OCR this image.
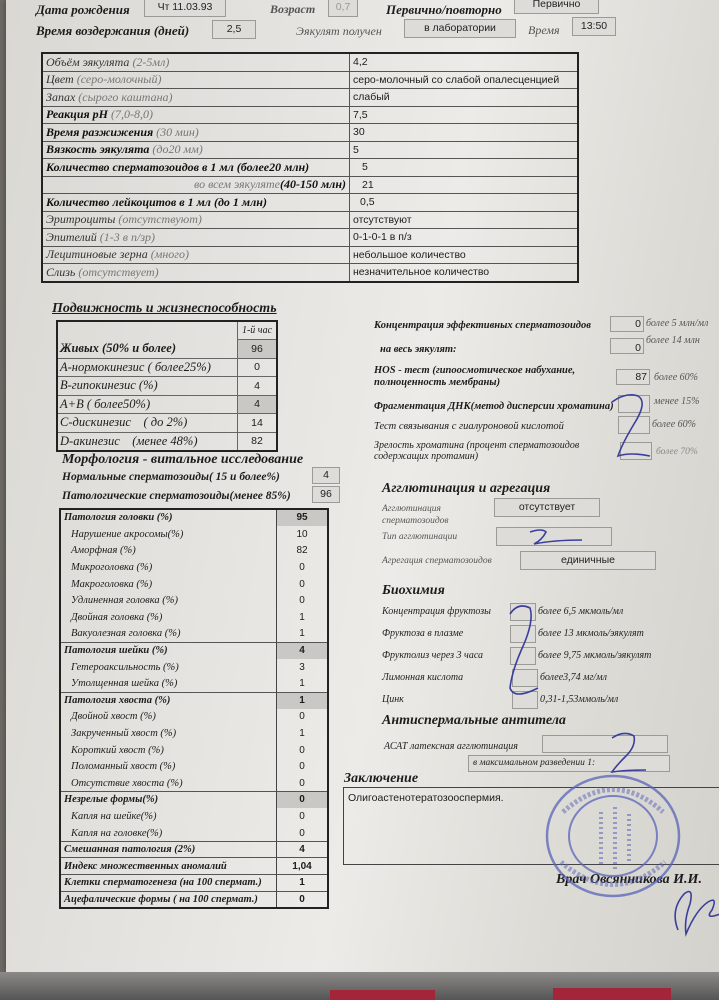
Дата рождения	Чт 11.03.93	Возраст	0,7	Первично/повторно	Первично
Время воздержания (дней)	2,5	Эякулят получен	в лаборатории	Время	13:50
Объём эякулята (2-5мл)	4,2
Цвет (серо-молочный)	серо-молочный со слабой опалесценцией
Запах (сырого каштана)	слабый
Реакция pH (7,0-8,0)	7,5
Время разжижения (30 мин)	30
Вязкость эякулята (до20 мм)	5
Количество сперматозоидов в 1 мл (более20 млн)	5
во всем эякуляте(40-150 млн)	21
Количество лейкоцитов в 1 мл (до 1 млн)	0,5
Эритроциты (отсутствуют)	отсутствуют
Эпителий (1-3 в п/зр)	0-1-0-1 в п/з
Лецитиновые зерна (много)	небольшое количество
Слизь (отсутствует)	незначительное количество
Подвижность и жизнеспособность
	1-й час
Живых (50% и более)	96
A-нормокинезис ( более25%)	0
B-гипокинезис (%)	4
A+B ( более50%)	4
C-дискинезис ( до 2%)	14
D-акинезис (менее 48%)	82
Морфология - витальное исследование
Нормальные сперматозоиды( 15 и более%)	4
Патологические сперматозоиды(менее 85%)	96
Патология головки (%)	95
Нарушение акросомы(%)	10
Аморфная (%)	82
Микроголовка (%)	0
Макроголовка (%)	0
Удлиненная головка (%)	0
Двойная головка (%)	1
Вакуолезная головка (%)	1
Патология шейки (%)	4
Гетероаксильность (%)	3
Утолщенная шейка (%)	1
Патология хвоста (%)	1
Двойной хвост (%)	0
Закрученный хвост (%)	1
Короткий хвост (%)	0
Поломанный хвост (%)	0
Отсутствие хвоста (%)	0
Незрелые формы(%)	0
Капля на шейке(%)	0
Капля на головке(%)	0
Смешанная патология (2%)	4
Индекс множественных аномалий	1,04
Клетки сперматогенеза (на 100 спермат.)	1
Ацефалические формы ( на 100 спермат.)	0
Концентрация эффективных сперматозоидов	0 более 5 млн/мл
на весь эякулят:	0
более 14 млн
HOS - тест (гипоосмотическое набухание, полноценность мембраны)	87 более 60%
Фрагментация ДНК(метод дисперсии хроматина)	менее 15%
Тест связывания с гиалуроновой кислотой	более 60%
Зрелость хроматина (процент сперматозоидов содержащих протамин)	более 70%
Агглютинация и агрегация
Агглютинация сперматозоидов
отсутствует
Тип агглютинации
Агрегация сперматозоидов	единичные
Биохимия
Концентрация фруктозы	более 6,5 мкмоль/мл
Фруктоза в плазме	более 13 мкмоль/эякулят
Фруктолиз через 3 часа	более 9,75 мкмоль/эякулят
Лимонная кислота	более3,74 мг/мл
Цинк	0,31-1,53ммоль/мл
Антиспермальные антитела
АСАТ латексная агглютинация
в максимальном разведении 1:
Заключение
Олигоастенотератозооспермия.
Врач Овсянникова И.И.
